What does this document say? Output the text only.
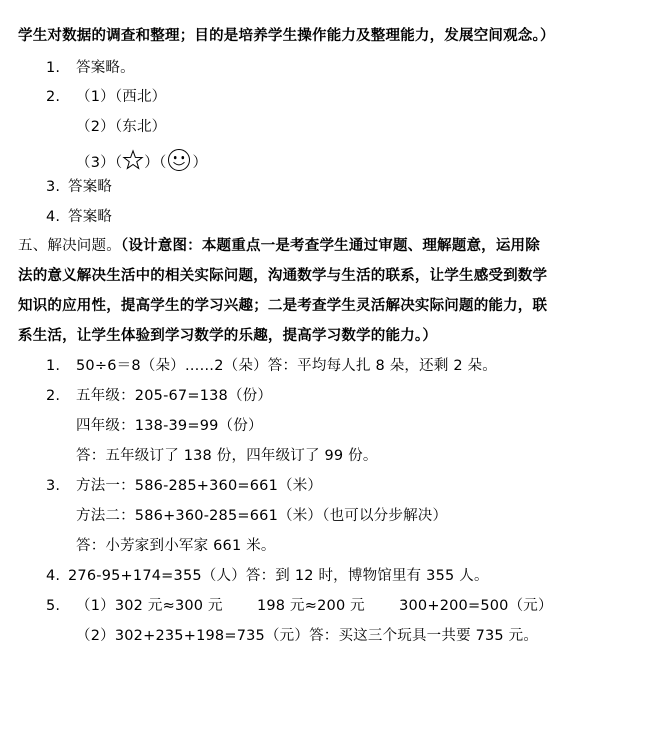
学生对数据的调查和整理；目的是培养学生操作能力及整理能力，发展空间观念。）
1. 答案略。
2. （1）（西北）
（2）（东北）
（3）（ ）（ ）
3. 答案略
4. 答案略
五、解决问题。（设计意图：本题重点一是考查学生通过审题、理解题意，运用除
法的意义解决生活中的相关实际问题，沟通数学与生活的联系，让学生感受到数学
知识的应用性，提高学生的学习兴趣；二是考查学生灵活解决实际问题的能力，联
系生活，让学生体验到学习数学的乐趣，提高学习数学的能力。）
1. 50÷6＝8（朵）……2（朵）答：平均每人扎 8 朵，还剩 2 朵。
2. 五年级：205-67=138（份）
四年级：138-39=99（份）
答：五年级订了 138 份，四年级订了 99 份。
3. 方法一：586-285+360=661（米）
方法二：586+360-285=661（米）（也可以分步解决）
答：小芳家到小军家 661 米。
4. 276-95+174=355（人）答：到 12 时，博物馆里有 355 人。
5. （1）302 元≈300 元　　 198 元≈200 元　　 300+200=500（元）
（2）302+235+198=735（元）答：买这三个玩具一共要 735 元。
